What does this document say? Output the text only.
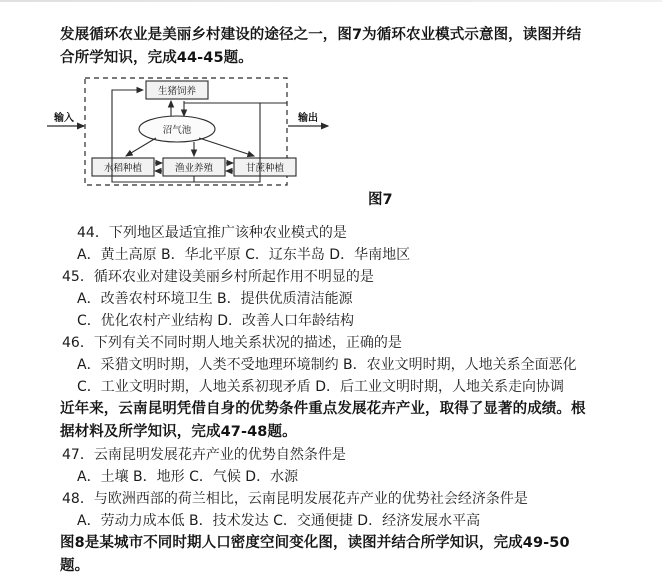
发展循环农业是美丽乡村建设的途径之一，图7为循环农业模式示意图，读图并结
合所学知识，完成44-45题。
生猪饲养
沼气池
水稻种植	渔业养殖	甘蔗种植
输入	输出
图7
44．下列地区最适宜推广该种农业模式的是
A．黄土高原 B．华北平原 C．辽东半岛 D．华南地区
45．循环农业对建设美丽乡村所起作用不明显的是
A．改善农村环境卫生 B．提供优质清洁能源
C．优化农村产业结构 D．改善人口年龄结构
46．下列有关不同时期人地关系状况的描述，正确的是
A．采猎文明时期，人类不受地理环境制约 B．农业文明时期，人地关系全面恶化
C．工业文明时期，人地关系初现矛盾 D．后工业文明时期，人地关系走向协调
近年来，云南昆明凭借自身的优势条件重点发展花卉产业，取得了显著的成绩。根
据材料及所学知识，完成47-48题。
47．云南昆明发展花卉产业的优势自然条件是
A．土壤 B．地形 C．气候 D．水源
48．与欧洲西部的荷兰相比，云南昆明发展花卉产业的优势社会经济条件是
A．劳动力成本低 B．技术发达 C．交通便捷 D．经济发展水平高
图8是某城市不同时期人口密度空间变化图，读图并结合所学知识，完成49-50
题。
